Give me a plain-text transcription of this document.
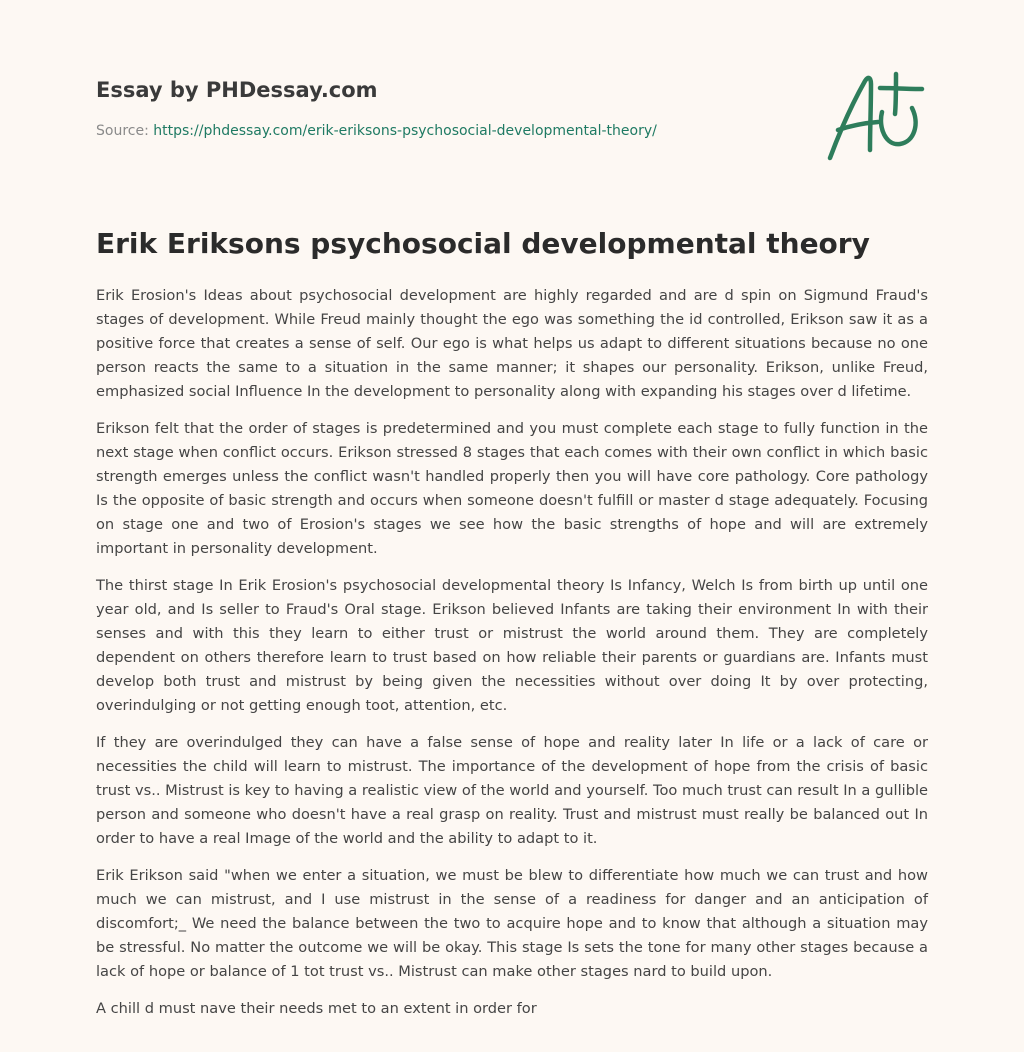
Essay by PHDessay.com
Source: https://phdessay.com/erik-eriksons-psychosocial-developmental-theory/
Erik Eriksons psychosocial developmental theory

Erik Erosion's Ideas about psychosocial development are highly regarded and are d spin on Sigmund Fraud's stages of development. While Freud mainly thought the ego was something the id controlled, Erikson saw it as a positive force that creates a sense of self. Our ego is what helps us adapt to different situations because no one person reacts the same to a situation in the same manner; it shapes our personality. Erikson, unlike Freud, emphasized social Influence In the development to personality along with expanding his stages over d lifetime.

Erikson felt that the order of stages is predetermined and you must complete each stage to fully function in the next stage when conflict occurs. Erikson stressed 8 stages that each comes with their own conflict in which basic strength emerges unless the conflict wasn't handled properly then you will have core pathology. Core pathology Is the opposite of basic strength and occurs when someone doesn't fulfill or master d stage adequately. Focusing on stage one and two of Erosion's stages we see how the basic strengths of hope and will are extremely important in personality development.

The thirst stage In Erik Erosion's psychosocial developmental theory Is Infancy, Welch Is from birth up until one year old, and Is seller to Fraud's Oral stage. Erikson believed Infants are taking their environment In with their senses and with this they learn to either trust or mistrust the world around them. They are completely dependent on others therefore learn to trust based on how reliable their parents or guardians are. Infants must develop both trust and mistrust by being given the necessities without over doing It by over protecting, overindulging or not getting enough toot, attention, etc.

If they are overindulged they can have a false sense of hope and reality later In life or a lack of care or necessities the child will learn to mistrust. The importance of the development of hope from the crisis of basic trust vs.. Mistrust is key to having a realistic view of the world and yourself. Too much trust can result In a gullible person and someone who doesn't have a real grasp on reality. Trust and mistrust must really be balanced out In order to have a real Image of the world and the ability to adapt to it.

Erik Erikson said "when we enter a situation, we must be blew to differentiate how much we can trust and how much we can mistrust, and I use mistrust in the sense of a readiness for danger and an anticipation of discomfort;_ We need the balance between the two to acquire hope and to know that although a situation may be stressful. No matter the outcome we will be okay. This stage Is sets the tone for many other stages because a lack of hope or balance of 1 tot trust vs.. Mistrust can make other stages nard to build upon.

A chill d must nave their needs met to an extent in order for
